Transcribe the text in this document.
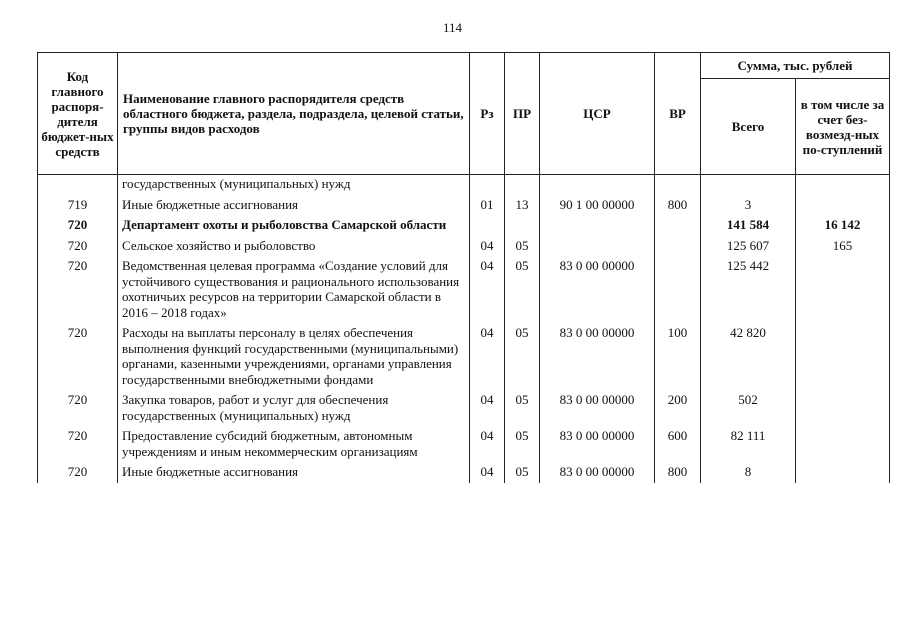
114
Код главного распоря-дителя бюджет-ных средств	Наименование главного распорядителя средств областного бюджета, раздела, подраздела, целевой статьи, группы видов расходов	Рз	ПР	ЦСР	ВР	Сумма, тыс. рублей	
						Всего	в том числе за счет без-возмезд-ных по-ступлений
	государственных (муниципальных) нужд						
719	Иные бюджетные ассигнования	01	13	90 1 00 00000	800	3	
720	Департамент охоты и рыболовства Самарской области					141 584	16 142
720	Сельское хозяйство и рыболовство	04	05			125 607	165
720	Ведомственная целевая программа «Создание условий для устойчивого существования и рационального использования охотничьих ресурсов на территории Самарской области в 2016 – 2018 годах»	04	05	83 0 00 00000		125 442	
720	Расходы на выплаты персоналу в целях обеспечения выполнения функций государственными (муниципальными) органами, казенными учреждениями, органами управления государственными внебюджетными фондами	04	05	83 0 00 00000	100	42 820	
720	Закупка товаров, работ и услуг для обеспечения государственных (муниципальных) нужд	04	05	83 0 00 00000	200	502	
720	Предоставление субсидий бюджетным, автономным учреждениям и иным некоммерческим организациям	04	05	83 0 00 00000	600	82 111	
720	Иные бюджетные ассигнования	04	05	83 0 00 00000	800	8	
